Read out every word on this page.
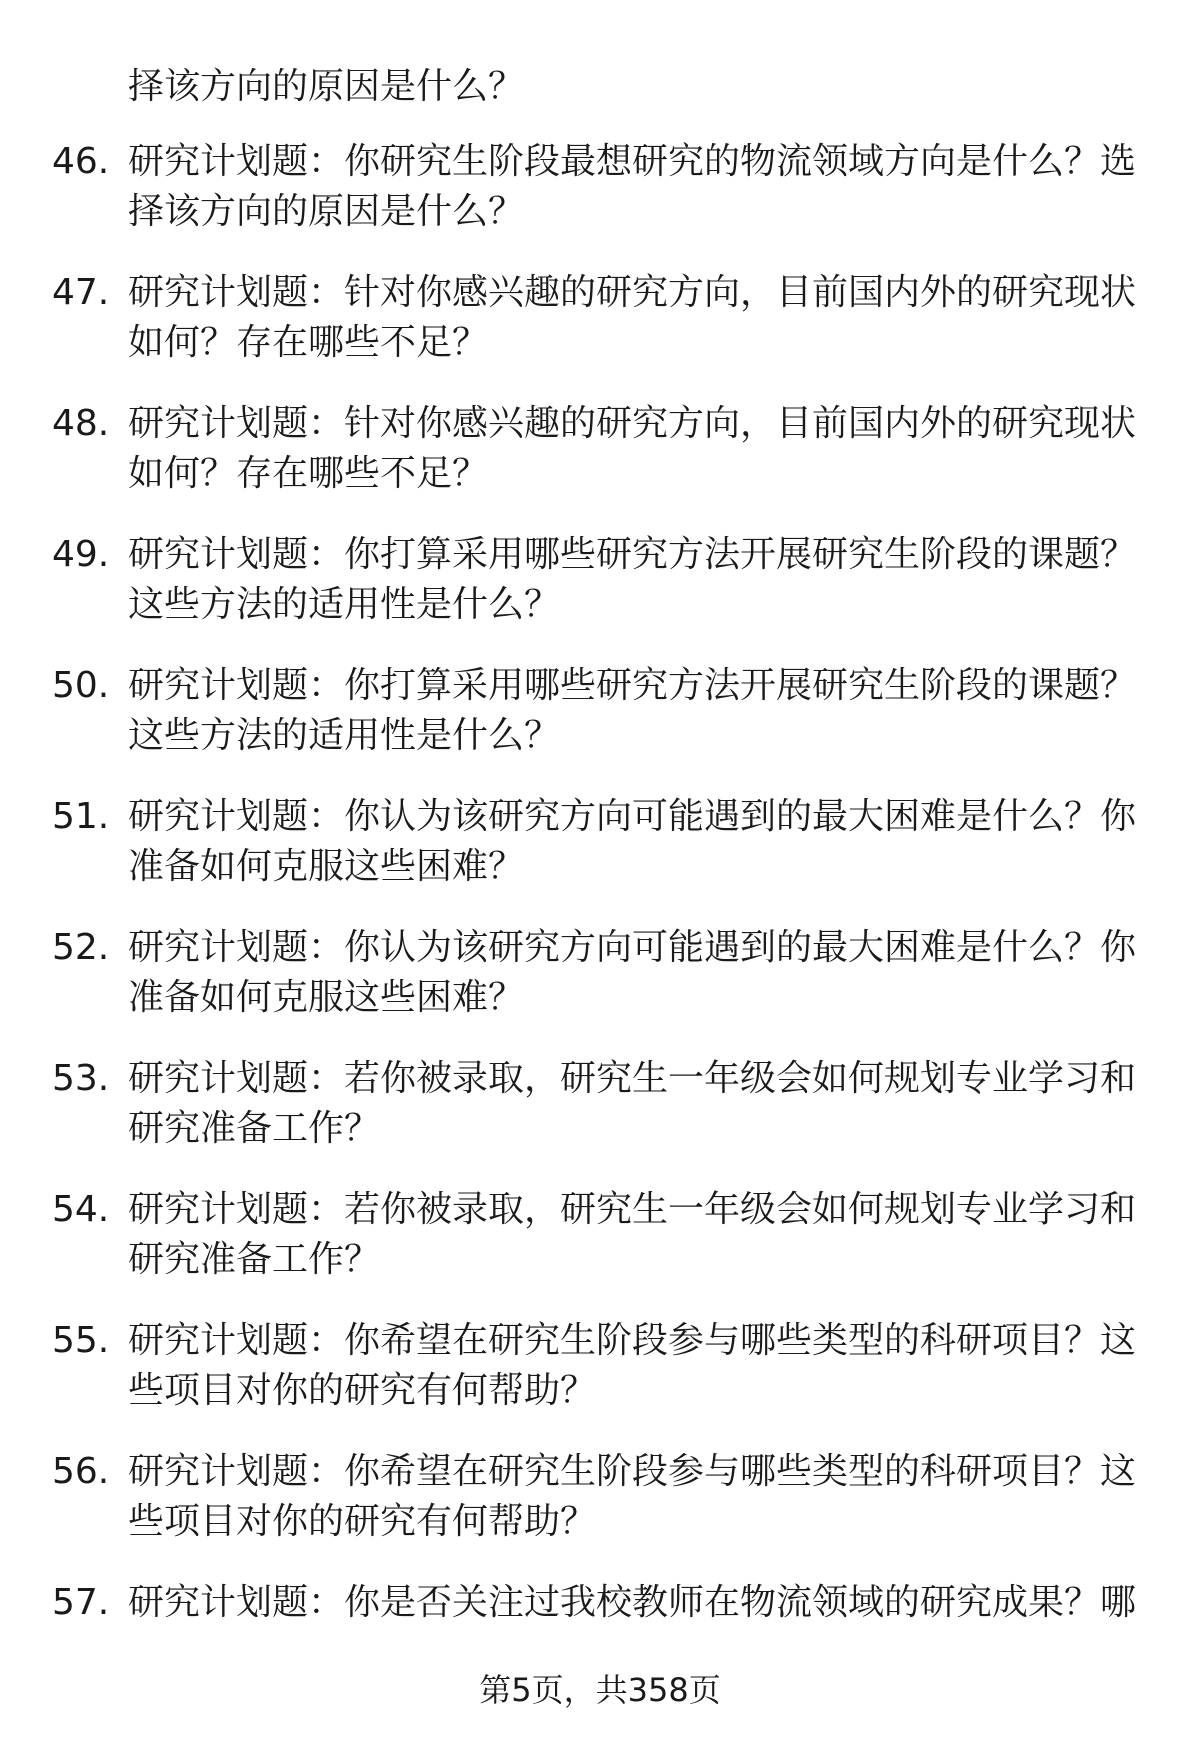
择该方向的原因是什么？
46. 研究计划题：你研究生阶段最想研究的物流领域方向是什么？选择该方向的原因是什么？
47. 研究计划题：针对你感兴趣的研究方向，目前国内外的研究现状如何？存在哪些不足？
48. 研究计划题：针对你感兴趣的研究方向，目前国内外的研究现状如何？存在哪些不足？
49. 研究计划题：你打算采用哪些研究方法开展研究生阶段的课题？这些方法的适用性是什么？
50. 研究计划题：你打算采用哪些研究方法开展研究生阶段的课题？这些方法的适用性是什么？
51. 研究计划题：你认为该研究方向可能遇到的最大困难是什么？你准备如何克服这些困难？
52. 研究计划题：你认为该研究方向可能遇到的最大困难是什么？你准备如何克服这些困难？
53. 研究计划题：若你被录取，研究生一年级会如何规划专业学习和研究准备工作？
54. 研究计划题：若你被录取，研究生一年级会如何规划专业学习和研究准备工作？
55. 研究计划题：你希望在研究生阶段参与哪些类型的科研项目？这些项目对你的研究有何帮助？
56. 研究计划题：你希望在研究生阶段参与哪些类型的科研项目？这些项目对你的研究有何帮助？
57. 研究计划题：你是否关注过我校教师在物流领域的研究成果？哪
第5页，共358页
